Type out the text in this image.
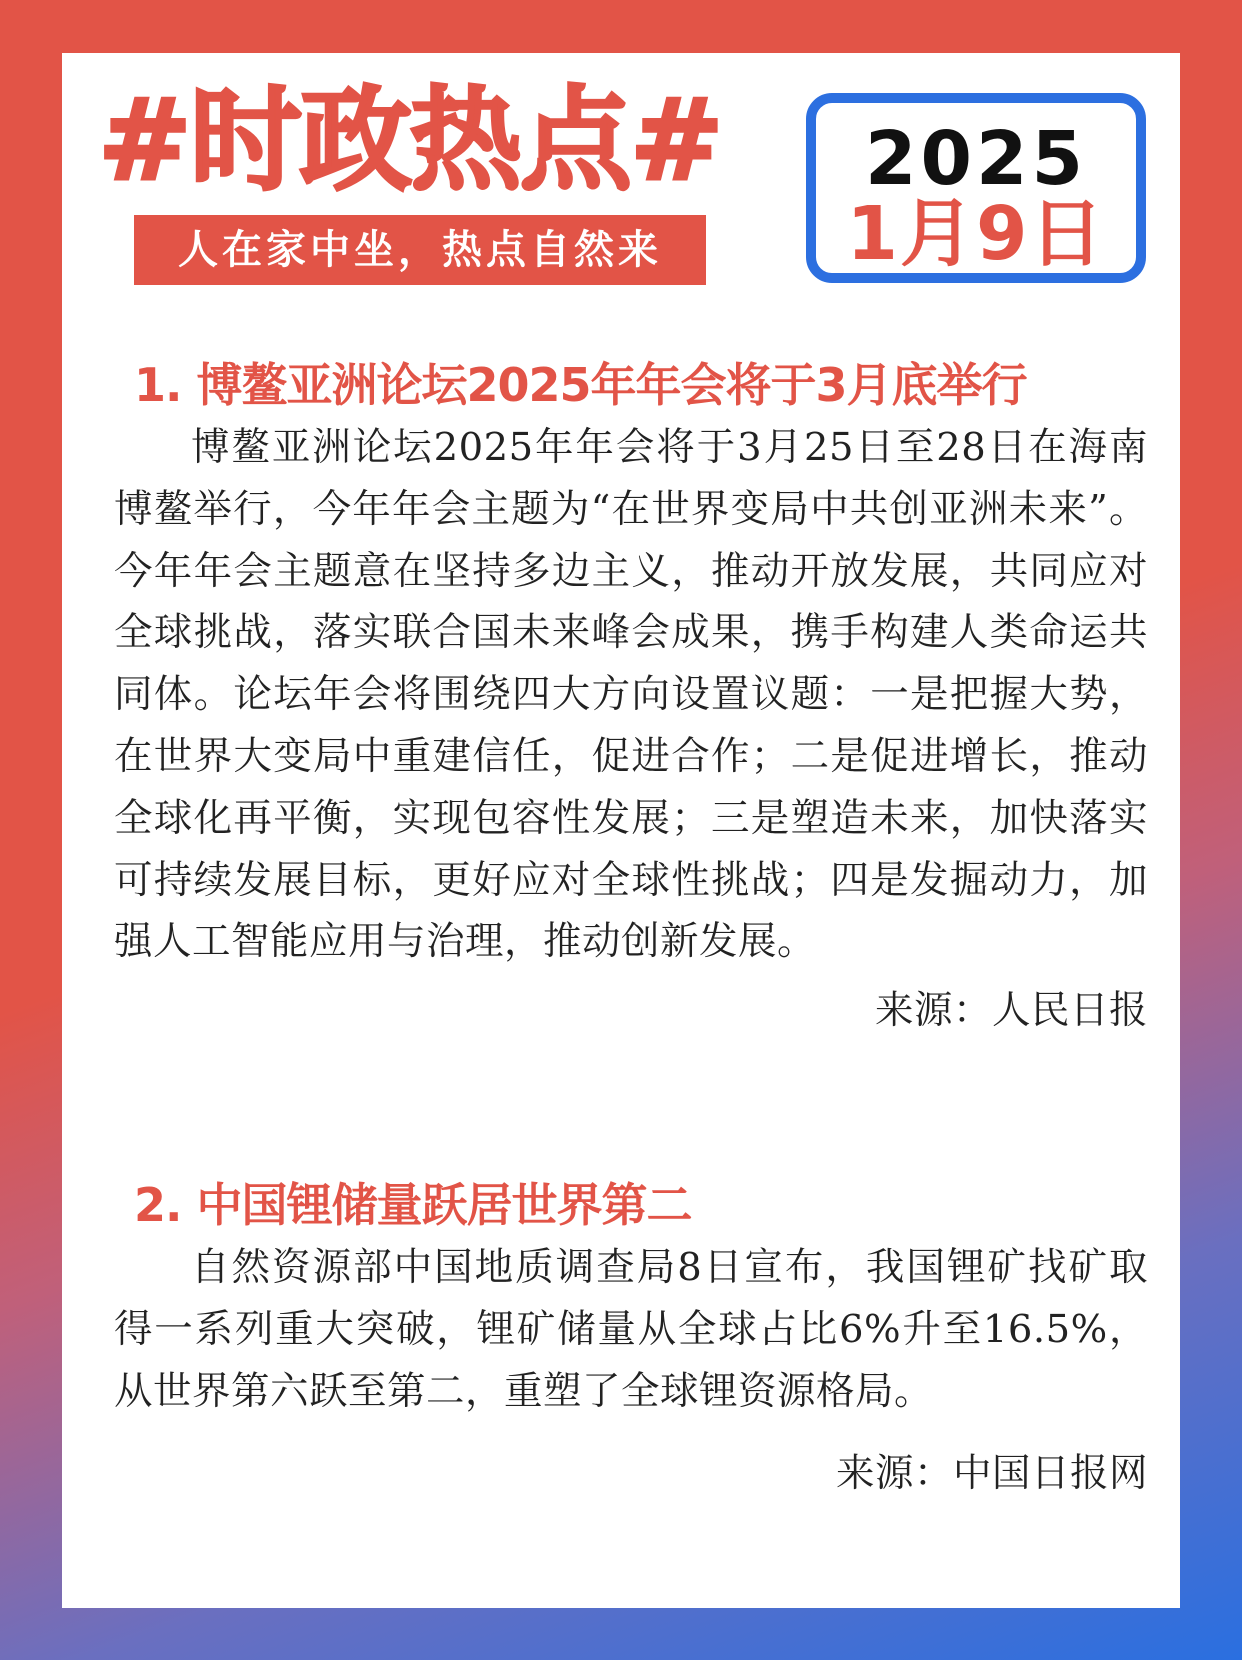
#时政热点#
人在家中坐，热点自然来
2025
1月9日
1. 博鳌亚洲论坛2025年年会将于3月底举行

博鳌亚洲论坛2025年年会将于3月25日至28日在海南博鳌举行，今年年会主题为“在世界变局中共创亚洲未来”。今年年会主题意在坚持多边主义，推动开放发展，共同应对全球挑战，落实联合国未来峰会成果，携手构建人类命运共同体。论坛年会将围绕四大方向设置议题：一是把握大势，在世界大变局中重建信任，促进合作；二是促进增长，推动全球化再平衡，实现包容性发展；三是塑造未来，加快落实可持续发展目标，更好应对全球性挑战；四是发掘动力，加强人工智能应用与治理，推动创新发展。

来源：人民日报

2. 中国锂储量跃居世界第二

自然资源部中国地质调查局8日宣布，我国锂矿找矿取得一系列重大突破，锂矿储量从全球占比6%升至16.5%，从世界第六跃至第二，重塑了全球锂资源格局。

来源：中国日报网
